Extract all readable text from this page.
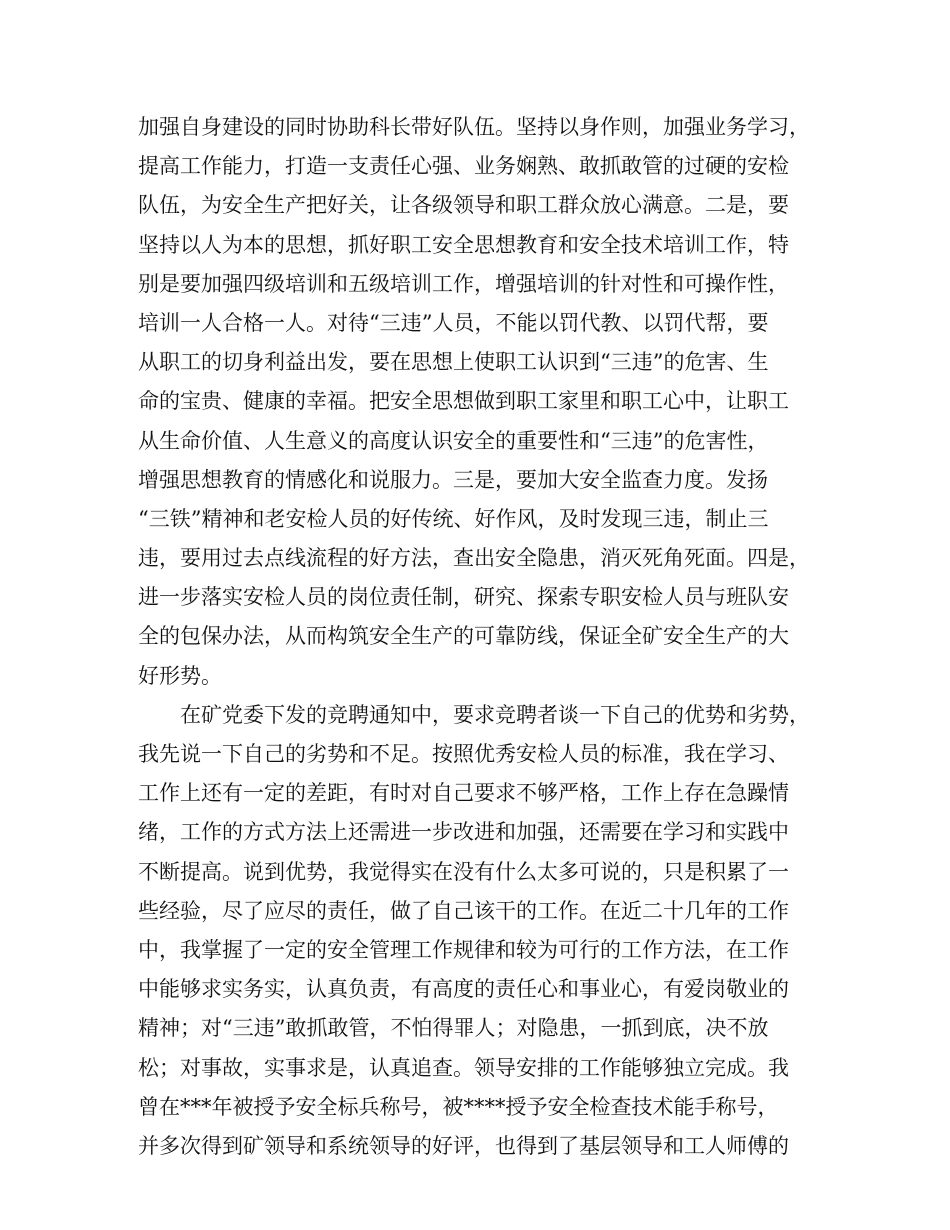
加强自身建设的同时协助科长带好队伍。坚持以身作则，加强业务学习，
提高工作能力，打造一支责任心强、业务娴熟、敢抓敢管的过硬的安检
队伍，为安全生产把好关，让各级领导和职工群众放心满意。二是，要
坚持以人为本的思想，抓好职工安全思想教育和安全技术培训工作，特
别是要加强四级培训和五级培训工作，增强培训的针对性和可操作性，
培训一人合格一人。对待“三违”人员，不能以罚代教、以罚代帮，要
从职工的切身利益出发，要在思想上使职工认识到“三违”的危害、生
命的宝贵、健康的幸福。把安全思想做到职工家里和职工心中，让职工
从生命价值、人生意义的高度认识安全的重要性和“三违”的危害性，
增强思想教育的情感化和说服力。三是，要加大安全监查力度。发扬
“三铁”精神和老安检人员的好传统、好作风，及时发现三违，制止三
违，要用过去点线流程的好方法，查出安全隐患，消灭死角死面。四是，
进一步落实安检人员的岗位责任制，研究、探索专职安检人员与班队安
全的包保办法，从而构筑安全生产的可靠防线，保证全矿安全生产的大
好形势。
在矿党委下发的竞聘通知中，要求竞聘者谈一下自己的优势和劣势，
我先说一下自己的劣势和不足。按照优秀安检人员的标准，我在学习、
工作上还有一定的差距，有时对自己要求不够严格，工作上存在急躁情
绪，工作的方式方法上还需进一步改进和加强，还需要在学习和实践中
不断提高。说到优势，我觉得实在没有什么太多可说的，只是积累了一
些经验，尽了应尽的责任，做了自己该干的工作。在近二十几年的工作
中，我掌握了一定的安全管理工作规律和较为可行的工作方法，在工作
中能够求实务实，认真负责，有高度的责任心和事业心，有爱岗敬业的
精神；对“三违”敢抓敢管，不怕得罪人；对隐患，一抓到底，决不放
松；对事故，实事求是，认真追查。领导安排的工作能够独立完成。我
曾在***年被授予安全标兵称号，被****授予安全检查技术能手称号，
并多次得到矿领导和系统领导的好评，也得到了基层领导和工人师傅的
